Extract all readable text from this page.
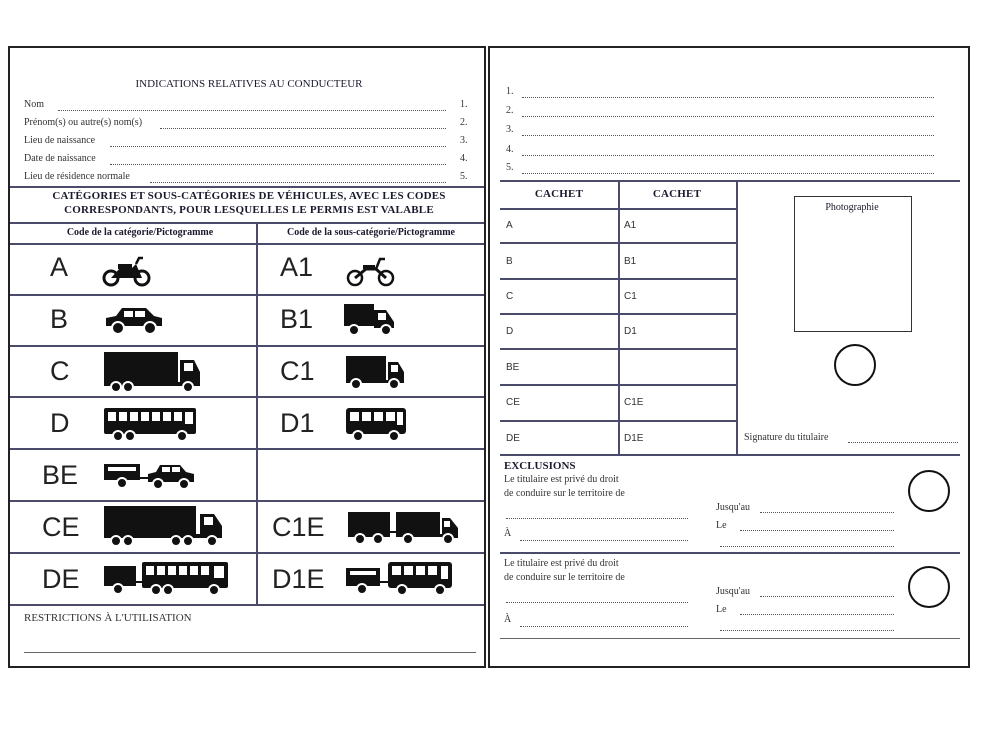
INDICATIONS RELATIVES AU CONDUCTEUR
Nom	1.
Prénom(s) ou autre(s) nom(s)	2.
Lieu de naissance	3.
Date de naissance	4.
Lieu de résidence normale	5.
CATÉGORIES ET SOUS-CATÉGORIES DE VÉHICULES, AVEC LES CODES
CORRESPONDANTS, POUR LESQUELLES LE PERMIS EST VALABLE
Code de la catégorie/Pictogramme	Code de la sous-catégorie/Pictogramme
A	A1
B	B1
C	C1
D	D1
BE
CE	C1E
DE	D1E
RESTRICTIONS À L'UTILISATION
1.
2.
3.
4.
5.
CACHET	CACHET
A	A1
B	B1
C	C1
D	D1
BE
CE	C1E
DE	D1E
Photographie
Signature du titulaire
EXCLUSIONS
Le titulaire est privé du droit
de conduire sur le territoire de
À
Jusqu'au
Le
Le titulaire est privé du droit
de conduire sur le territoire de
À
Jusqu'au
Le
